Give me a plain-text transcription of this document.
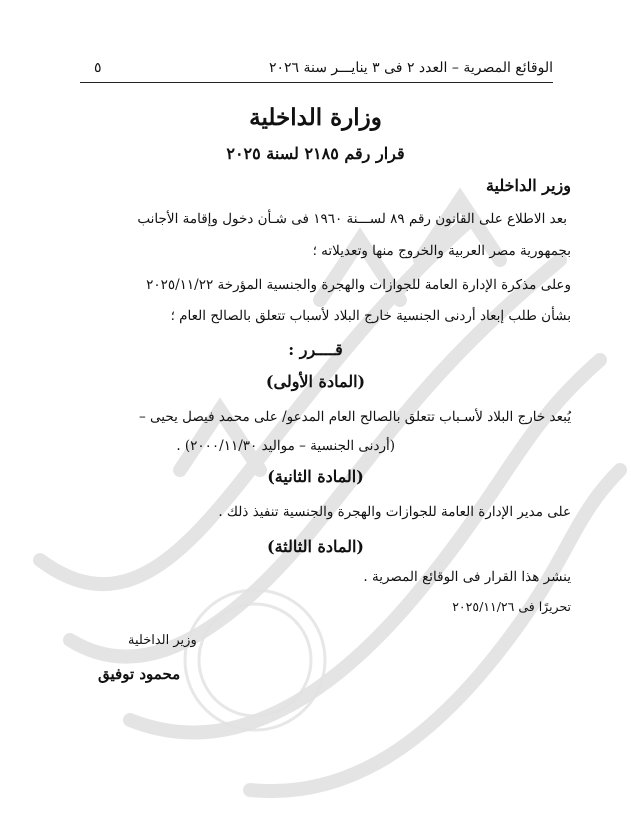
الوقائع المصرية – العدد ٢ فى ٣ ينايـــر سنة ٢٠٢٦
٥
وزارة الداخلية
قرار رقم ٢١٨٥ لسنة ٢٠٢٥
وزير الداخلية
بعد الاطلاع على القانون رقم ٨٩ لســـنة ١٩٦٠ فى شـأن دخول وإقامة الأجانب
بجمهورية مصر العربية والخروج منها وتعديلاته ؛
وعلى مذكرة الإدارة العامة للجوازات والهجرة والجنسية المؤرخة ٢٠٢٥/١١/٢٢
بشأن طلب إبعاد أردنى الجنسية خارج البلاد لأسباب تتعلق بالصالح العام ؛
قــــرر :
(المادة الأولى)
يُبعد خارج البلاد لأسـباب تتعلق بالصالح العام المدعو/ على محمد فيصل يحيى –
(أردنى الجنسية – مواليد ٢٠٠٠/١١/٣٠) .
(المادة الثانية)
على مدير الإدارة العامة للجوازات والهجرة والجنسية تنفيذ ذلك .
(المادة الثالثة)
ينشر هذا القرار فى الوقائع المصرية .
تحريرًا فى ٢٠٢٥/١١/٢٦
وزير الداخلية
محمود توفيق
